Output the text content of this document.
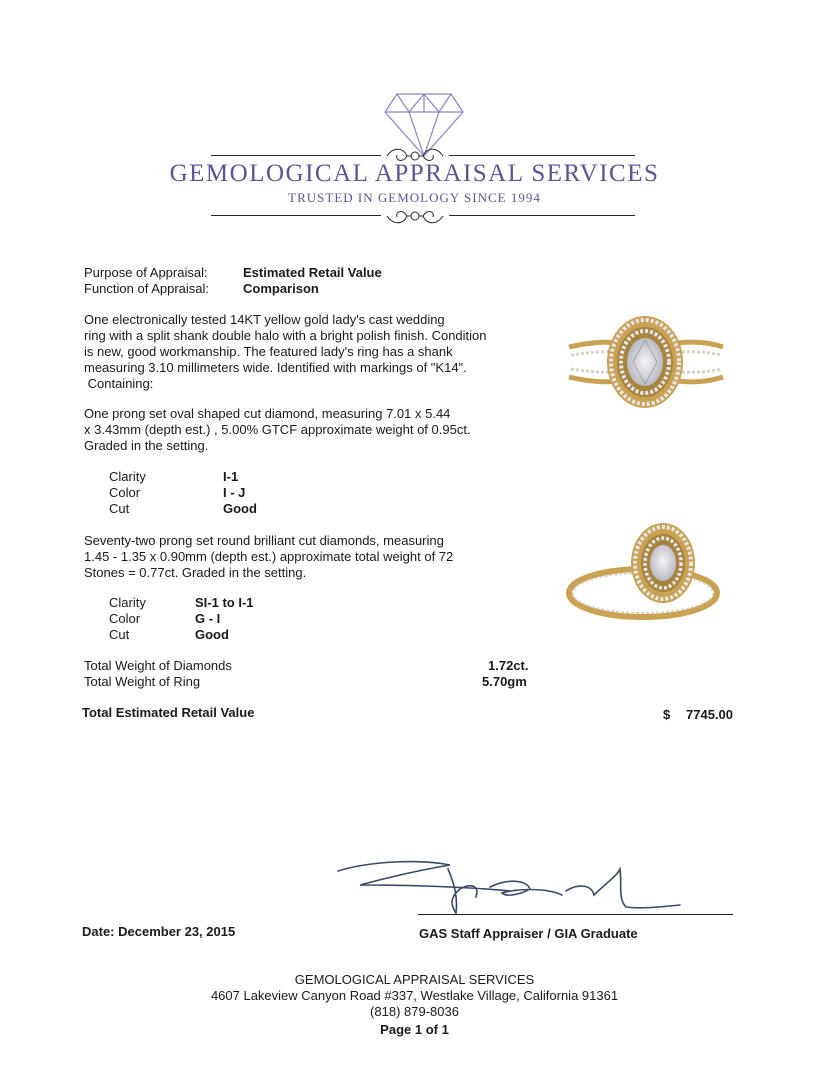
GEMOLOGICAL APPRAISAL SERVICES
TRUSTED IN GEMOLOGY SINCE 1994
Purpose of Appraisal:	Estimated Retail Value
Function of Appraisal:	Comparison
One electronically tested 14KT yellow gold lady's cast wedding
ring with a split shank double halo with a bright polish finish. Condition
is new, good workmanship. The featured lady's ring has a shank
measuring 3.10 millimeters wide. Identified with markings of "K14".
Containing:
One prong set oval shaped cut diamond, measuring 7.01 x 5.44
x 3.43mm (depth est.) , 5.00% GTCF approximate weight of 0.95ct.
Graded in the setting.
Clarity	I-1
Color	I - J
Cut	Good
Seventy-two prong set round brilliant cut diamonds, measuring
1.45 - 1.35 x 0.90mm (depth est.) approximate total weight of 72
Stones = 0.77ct. Graded in the setting.
Clarity	SI-1 to I-1
Color	G - I
Cut	Good
Total Weight of Diamonds	1.72ct.
Total Weight of Ring	5.70gm
Total Estimated Retail Value	$ 7745.00
Date: December 23, 2015	GAS Staff Appraiser / GIA Graduate
GEMOLOGICAL APPRAISAL SERVICES
4607 Lakeview Canyon Road #337, Westlake Village, California 91361
(818) 879-8036
Page 1 of 1
